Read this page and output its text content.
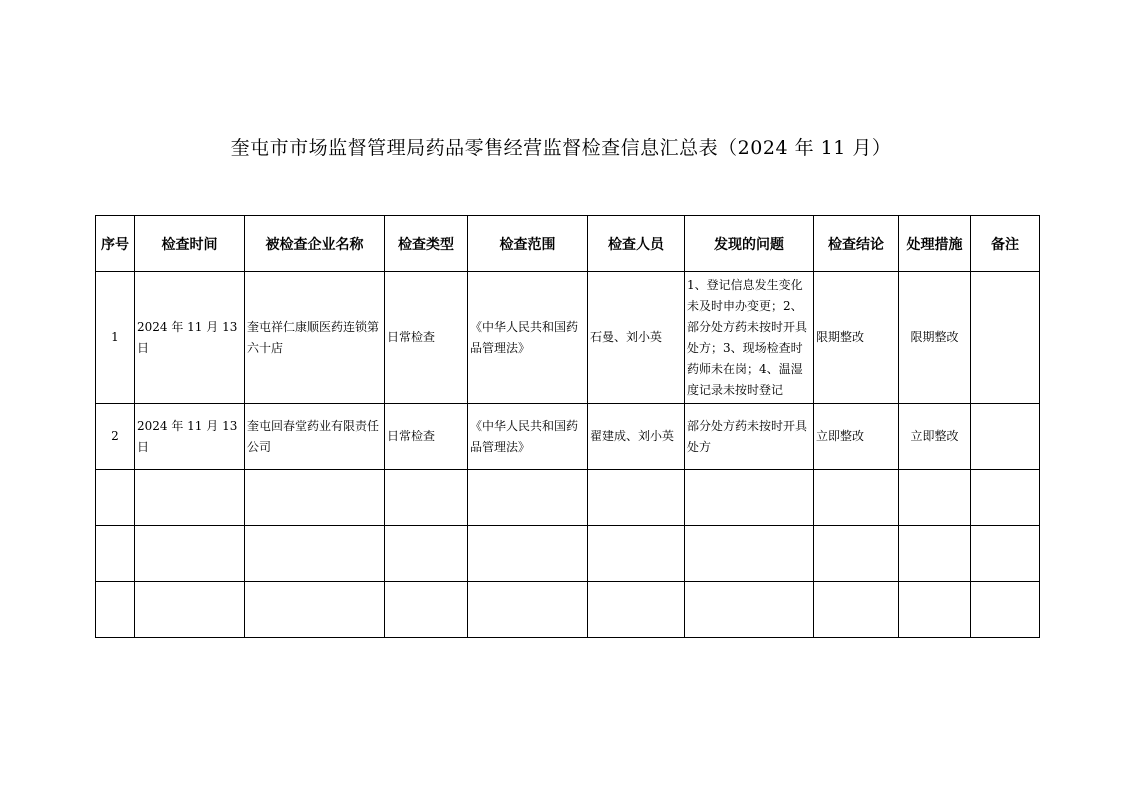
奎屯市市场监督管理局药品零售经营监督检查信息汇总表（2024 年 11 月）
序号	检查时间	被检查企业名称	检查类型	检查范围	检查人员	发现的问题	检查结论	处理措施	备注
1	2024 年 11 月 13 日	奎屯祥仁康顺医药连锁第六十店	日常检查	《中华人民共和国药品管理法》	石曼、刘小英	1、登记信息发生变化未及时申办变更；2、部分处方药未按时开具处方；3、现场检查时药师未在岗；4、温湿度记录未按时登记	限期整改	限期整改	
2	2024 年 11 月 13 日	奎屯回春堂药业有限责任公司	日常检查	《中华人民共和国药品管理法》	翟建成、刘小英	部分处方药未按时开具处方	立即整改	立即整改	
